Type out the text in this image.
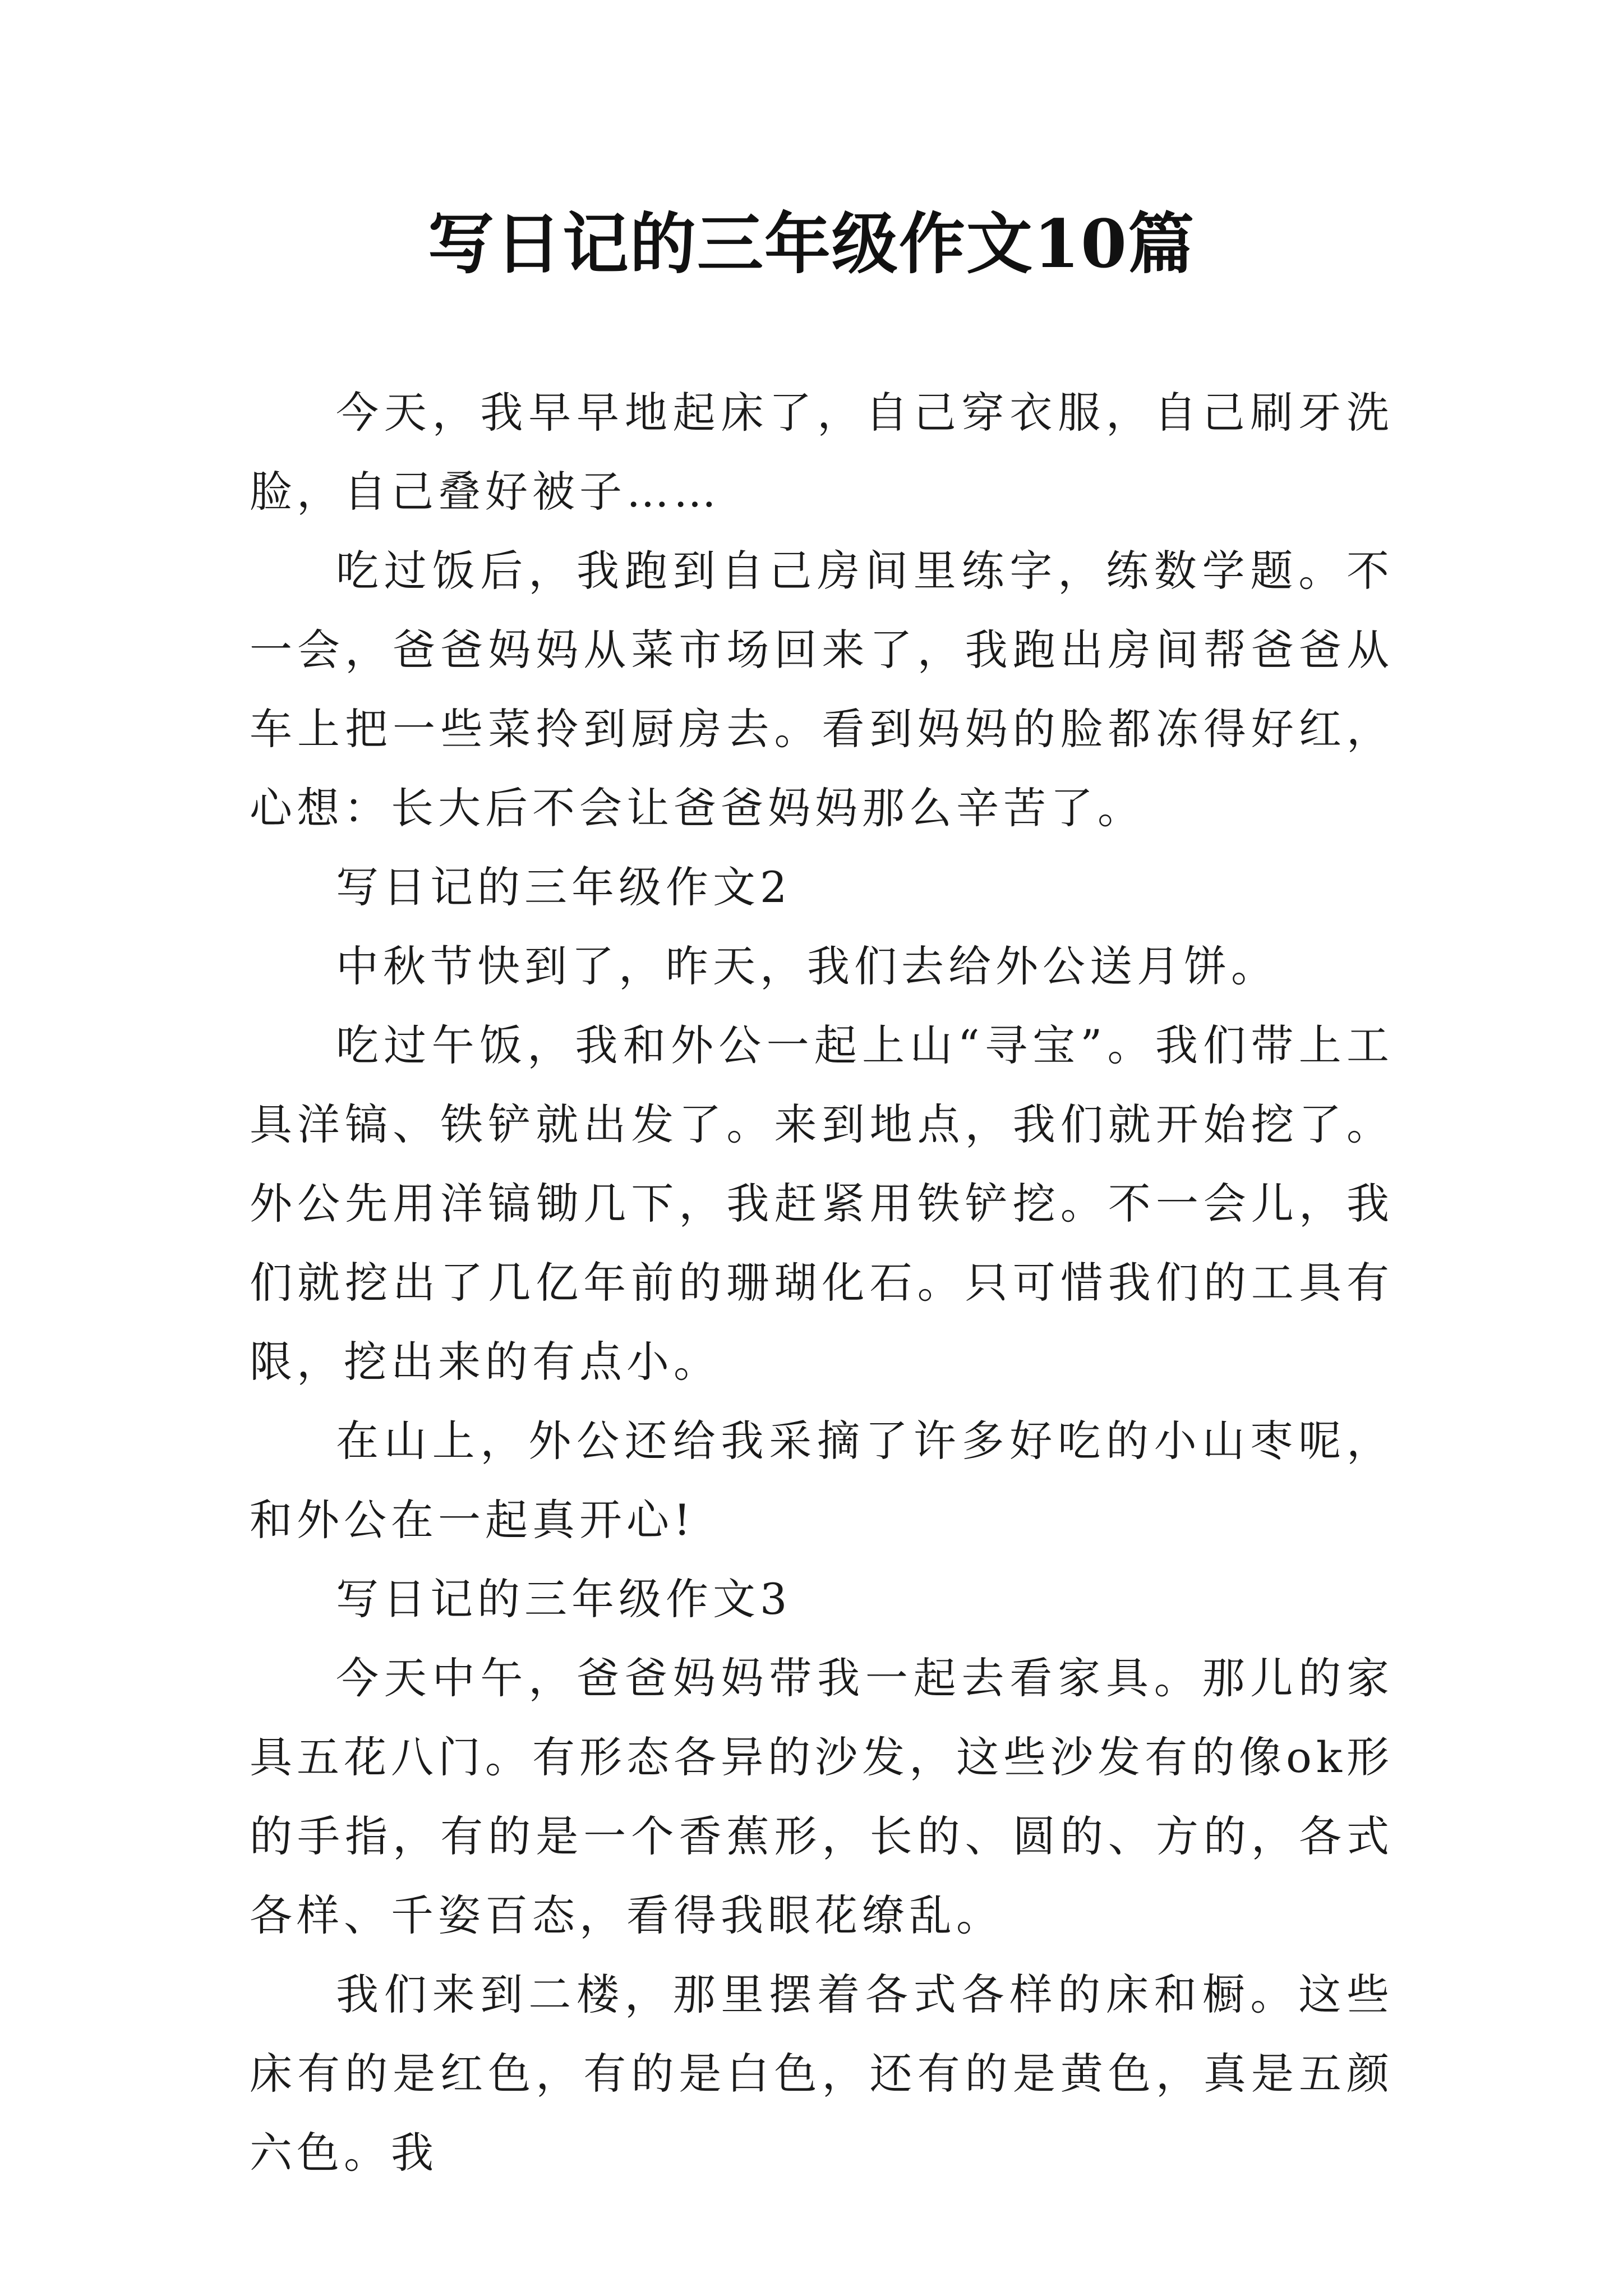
写日记的三年级作文10篇

今天，我早早地起床了，自己穿衣服，自己刷牙洗脸，自己叠好被子……

吃过饭后，我跑到自己房间里练字，练数学题。不一会，爸爸妈妈从菜市场回来了，我跑出房间帮爸爸从车上把一些菜拎到厨房去。看到妈妈的脸都冻得好红，心想：长大后不会让爸爸妈妈那么辛苦了。

写日记的三年级作文2

中秋节快到了，昨天，我们去给外公送月饼。

吃过午饭，我和外公一起上山“寻宝”。我们带上工具洋镐、铁铲就出发了。来到地点，我们就开始挖了。外公先用洋镐锄几下，我赶紧用铁铲挖。不一会儿，我们就挖出了几亿年前的珊瑚化石。只可惜我们的工具有限，挖出来的有点小。

在山上，外公还给我采摘了许多好吃的小山枣呢，和外公在一起真开心!

写日记的三年级作文3

今天中午，爸爸妈妈带我一起去看家具。那儿的家具五花八门。有形态各异的沙发，这些沙发有的像ok形的手指，有的是一个香蕉形，长的、圆的、方的，各式各样、千姿百态，看得我眼花缭乱。

我们来到二楼，那里摆着各式各样的床和橱。这些床有的是红色，有的是白色，还有的是黄色，真是五颜六色。我
